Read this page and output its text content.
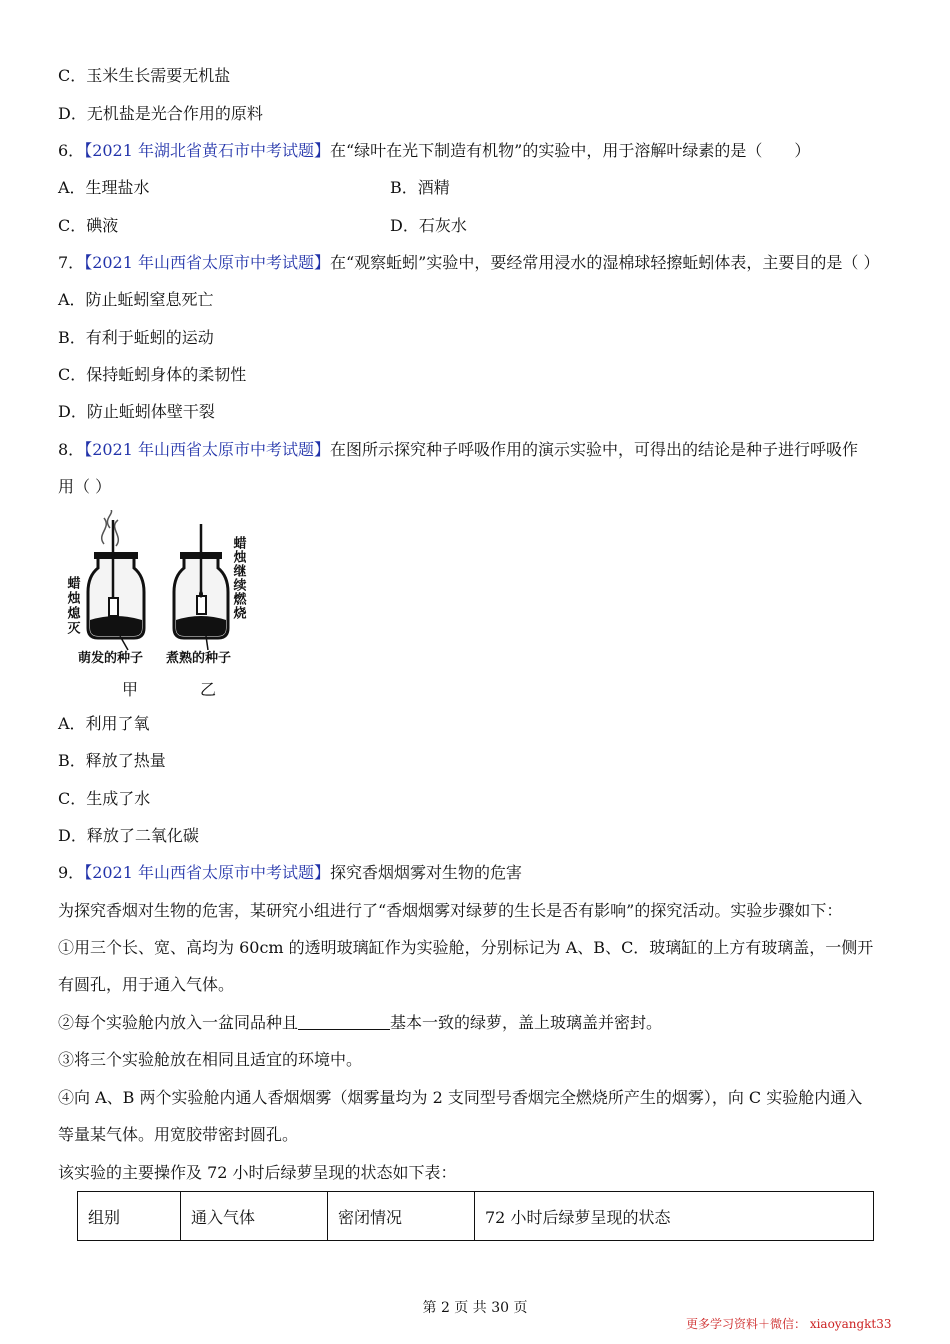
C．玉米生长需要无机盐
D．无机盐是光合作用的原料
6．【2021 年湖北省黄石市中考试题】在“绿叶在光下制造有机物”的实验中，用于溶解叶绿素的是（　　）
A．生理盐水	B．酒精
C．碘液	D．石灰水
7．【2021 年山西省太原市中考试题】在“观察蚯蚓”实验中，要经常用浸水的湿棉球轻擦蚯蚓体表，主要目的是（ ）
A．防止蚯蚓窒息死亡
B．有利于蚯蚓的运动
C．保持蚯蚓身体的柔韧性
D．防止蚯蚓体壁干裂
8．【2021 年山西省太原市中考试题】在图所示探究种子呼吸作用的演示实验中，可得出的结论是种子进行呼吸作
用（ ）
蜡烛熄灭	蜡烛继续燃烧
萌发的种子 煮熟的种子
甲	乙
A．利用了氧
B．释放了热量
C．生成了水
D．释放了二氧化碳
9．【2021 年山西省太原市中考试题】探究香烟烟雾对生物的危害
为探究香烟对生物的危害，某研究小组进行了“香烟烟雾对绿萝的生长是否有影响”的探究活动。实验步骤如下：
①用三个长、宽、高均为 60cm 的透明玻璃缸作为实验舱，分别标记为 A、B、C．玻璃缸的上方有玻璃盖，一侧开
有圆孔，用于通入气体。
②每个实验舱内放入一盆同品种且	基本一致的绿萝，盖上玻璃盖并密封。
③将三个实验舱放在相同且适宜的环境中。
④向 A、B 两个实验舱内通人香烟烟雾（烟雾量均为 2 支同型号香烟完全燃烧所产生的烟雾），向 C 实验舱内通入
等量某气体。用宽胶带密封圆孔。
该实验的主要操作及 72 小时后绿萝呈现的状态如下表：
组别	通入气体	密闭情况	72 小时后绿萝呈现的状态
第 2 页 共 30 页
更多学习资料＋微信： xiaoyangkt33
